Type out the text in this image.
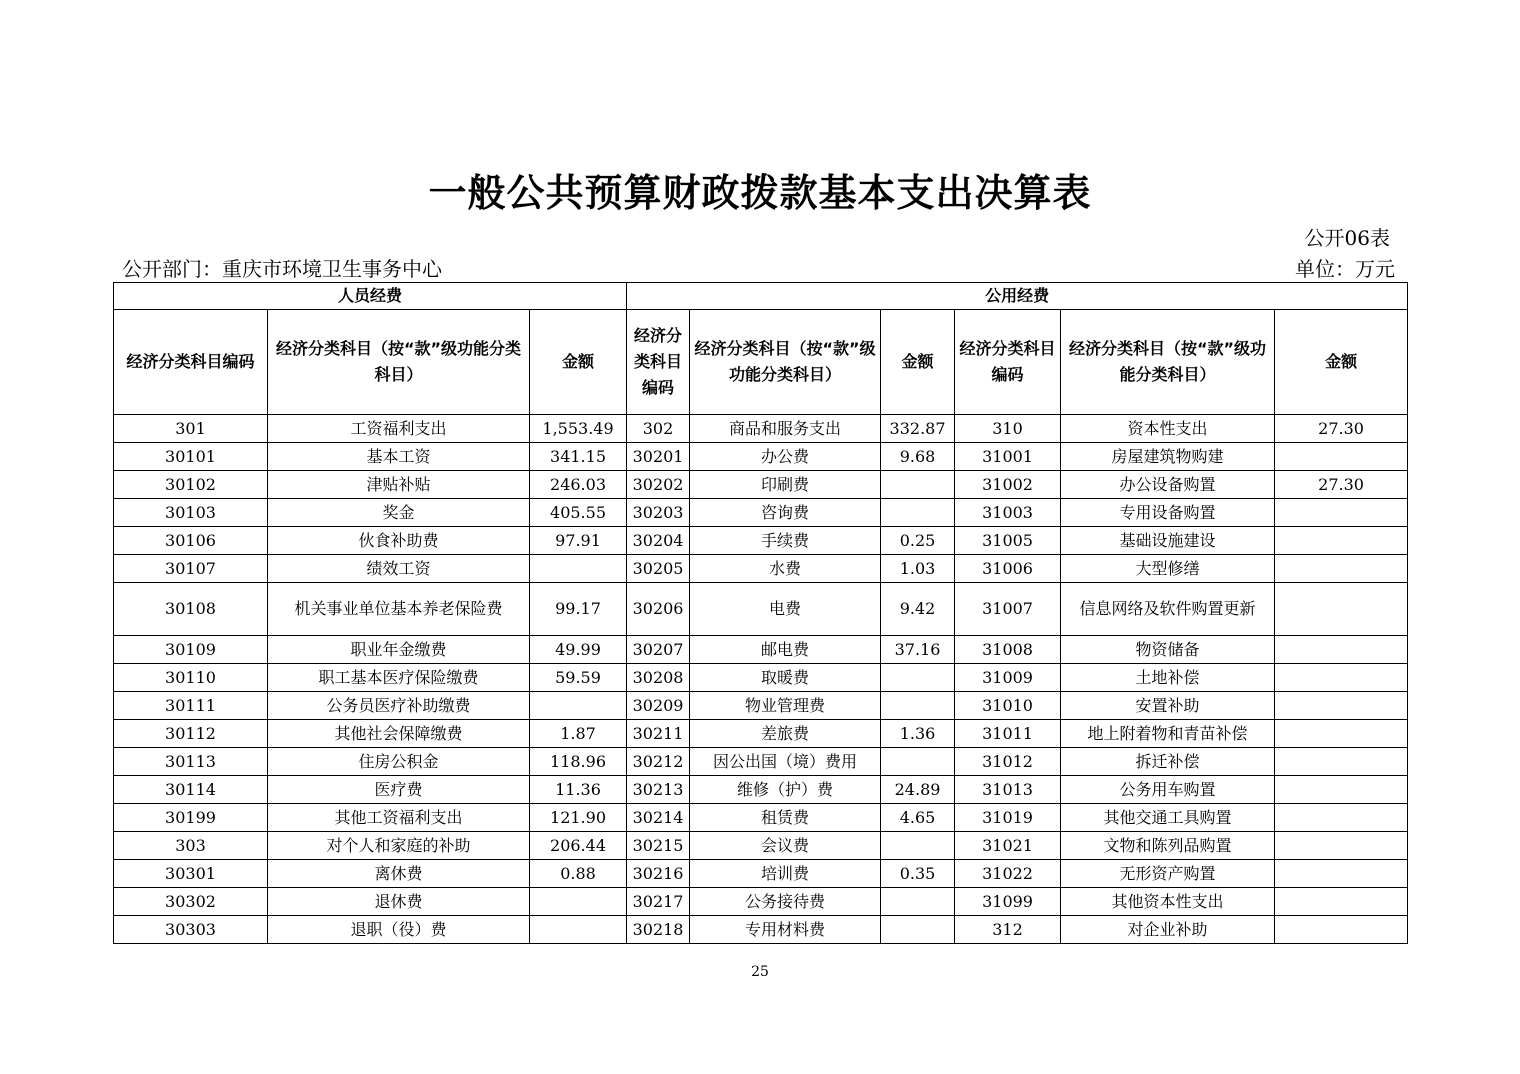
一般公共预算财政拨款基本支出决算表
公开06表
公开部门：重庆市环境卫生事务中心	单位：万元
人员经费			公用经费					
经济分类科目编码	经济分类科目（按“款”级功能分类科目）	金额	经济分类科目编码	经济分类科目（按“款”级功能分类科目）	金额	经济分类科目编码	经济分类科目（按“款”级功能分类科目）	金额
301	工资福利支出	1,553.49	302	商品和服务支出	332.87	310	资本性支出	27.30
30101	基本工资	341.15	30201	办公费	9.68	31001	房屋建筑物购建	
30102	津贴补贴	246.03	30202	印刷费		31002	办公设备购置	27.30
30103	奖金	405.55	30203	咨询费		31003	专用设备购置	
30106	伙食补助费	97.91	30204	手续费	0.25	31005	基础设施建设	
30107	绩效工资		30205	水费	1.03	31006	大型修缮	
30108	机关事业单位基本养老保险费	99.17	30206	电费	9.42	31007	信息网络及软件购置更新	
30109	职业年金缴费	49.99	30207	邮电费	37.16	31008	物资储备	
30110	职工基本医疗保险缴费	59.59	30208	取暖费		31009	土地补偿	
30111	公务员医疗补助缴费		30209	物业管理费		31010	安置补助	
30112	其他社会保障缴费	1.87	30211	差旅费	1.36	31011	地上附着物和青苗补偿	
30113	住房公积金	118.96	30212	因公出国（境）费用		31012	拆迁补偿	
30114	医疗费	11.36	30213	维修（护）费	24.89	31013	公务用车购置	
30199	其他工资福利支出	121.90	30214	租赁费	4.65	31019	其他交通工具购置	
303	对个人和家庭的补助	206.44	30215	会议费		31021	文物和陈列品购置	
30301	离休费	0.88	30216	培训费	0.35	31022	无形资产购置	
30302	退休费		30217	公务接待费		31099	其他资本性支出	
30303	退职（役）费		30218	专用材料费		312	对企业补助	
25
